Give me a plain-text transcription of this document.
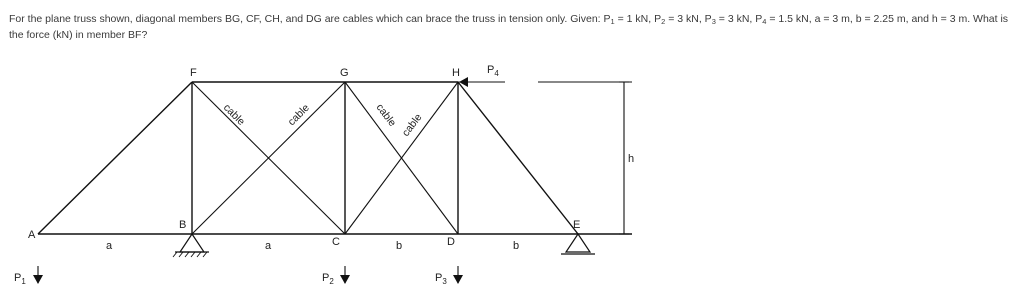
For the plane truss shown, diagonal members BG, CF, CH, and DG are cables which can brace the truss in tension only. Given: $P_1 = 1$ kN, $P_2 = 3$ kN, $P_3 = 3$ kN, $P_4 = 1.5$ kN, a = 3 m, b = 2.25 m, and h = 3 m. What is the force (kN) in member BF?
A
B
C	D
E
F	G	H
cable	cable	cable cable
h
a	a	b	b
$P_1$	$P_2$	$P_3$
$P_4$
